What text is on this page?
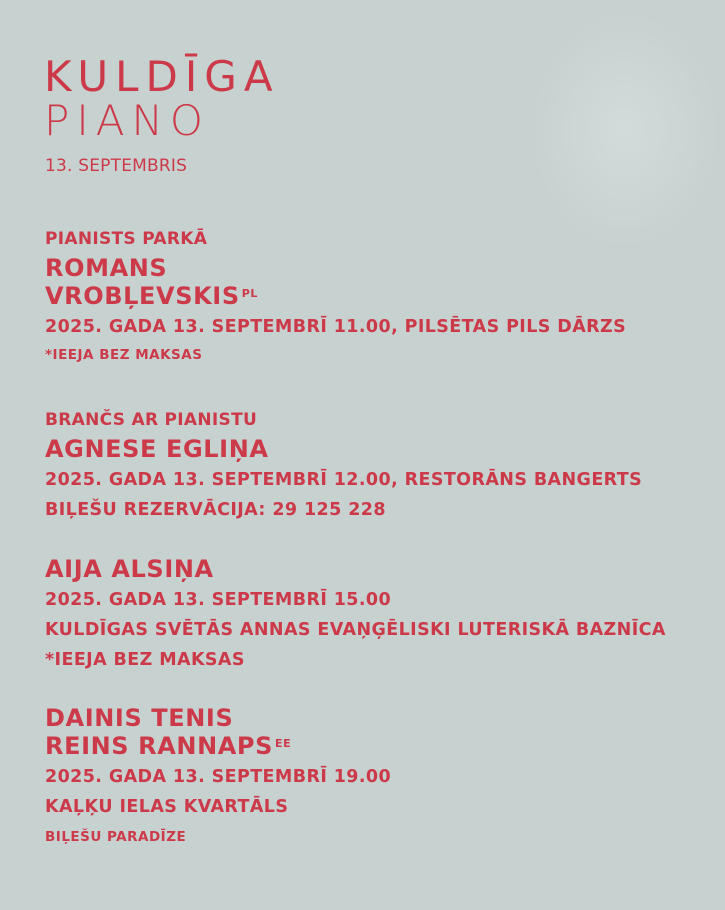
KULDĪGA
PIANO
13. SEPTEMBRIS
PIANISTS PARKĀ
ROMANS
VROBĻEVSKIS $^{PL}$
2025. GADA 13. SEPTEMBRĪ 11.00, PILSĒTAS PILS DĀRZS
*IEEJA BEZ MAKSAS
BRANČS AR PIANISTU
AGNESE EGLIŅA
2025. GADA 13. SEPTEMBRĪ 12.00, RESTORĀNS BANGERTS
BIĻEŠU REZERVĀCIJA: 29 125 228
AIJA ALSIŅA
2025. GADA 13. SEPTEMBRĪ 15.00
KULDĪGAS SVĒTĀS ANNAS EVAŅĢĒLISKI LUTERISKĀ BAZNĪCA
*IEEJA BEZ MAKSAS
DAINIS TENIS
REINS RANNAPS $^{EE}$
2025. GADA 13. SEPTEMBRĪ 19.00
KAĻĶU IELAS KVARTĀLS
BIĻEŠU PARADĪZE
